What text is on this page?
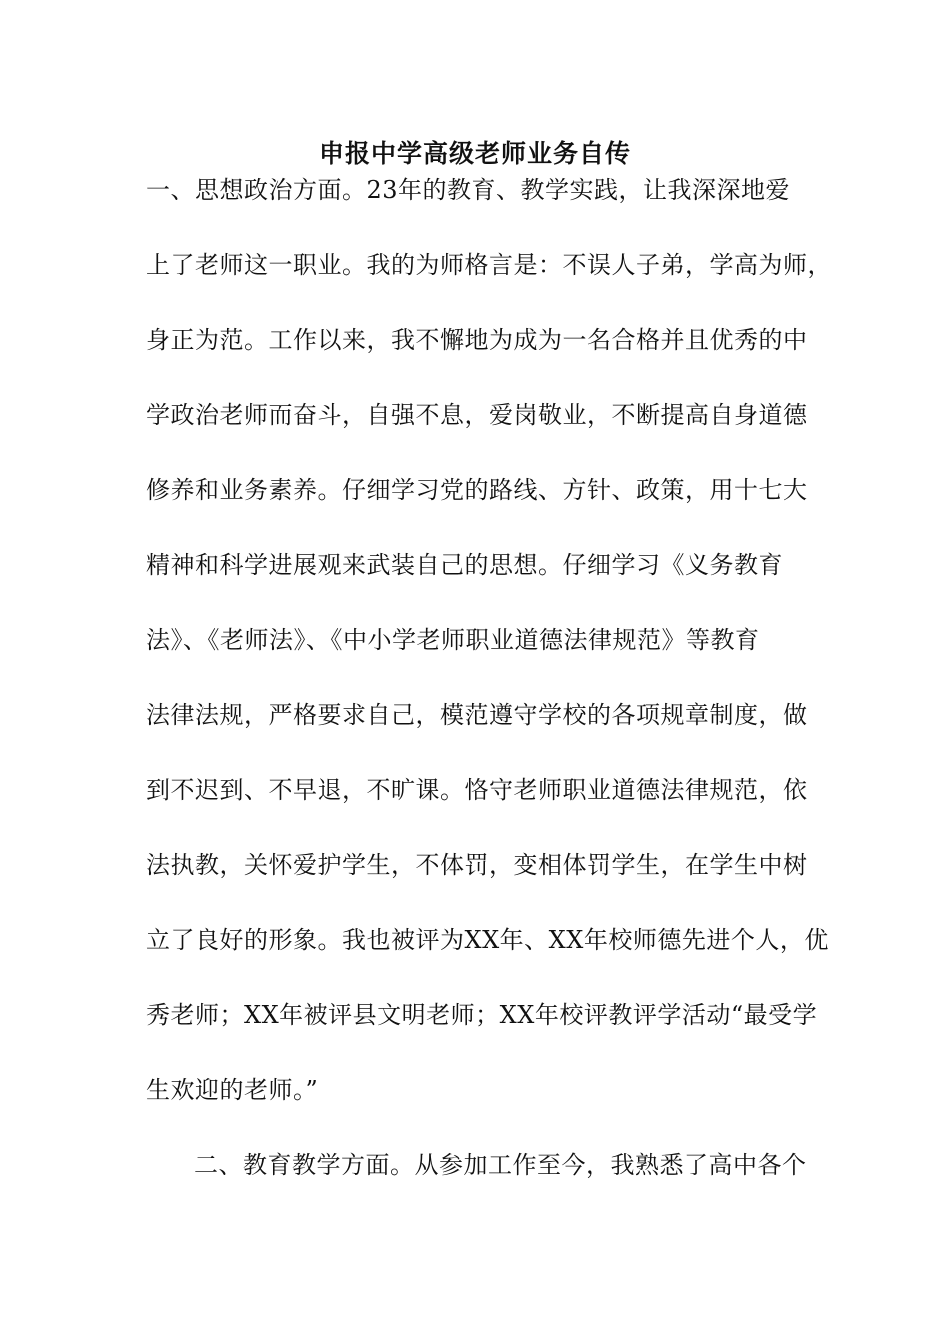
申报中学高级老师业务自传
一、思想政治方面。23年的教育、教学实践，让我深深地爱
上了老师这一职业。我的为师格言是：不误人子弟，学高为师，
身正为范。工作以来，我不懈地为成为一名合格并且优秀的中
学政治老师而奋斗，自强不息，爱岗敬业，不断提高自身道德
修养和业务素养。仔细学习党的路线、方针、政策，用十七大
精神和科学进展观来武装自己的思想。仔细学习《义务教育
法》、《老师法》、《中小学老师职业道德法律规范》等教育
法律法规，严格要求自己，模范遵守学校的各项规章制度，做
到不迟到、不早退，不旷课。恪守老师职业道德法律规范，依
法执教，关怀爱护学生，不体罚，变相体罚学生，在学生中树
立了良好的形象。我也被评为XX年、XX年校师德先进个人，优
秀老师；XX年被评县文明老师；XX年校评教评学活动“最受学
生欢迎的老师。”
二、教育教学方面。从参加工作至今，我熟悉了高中各个
